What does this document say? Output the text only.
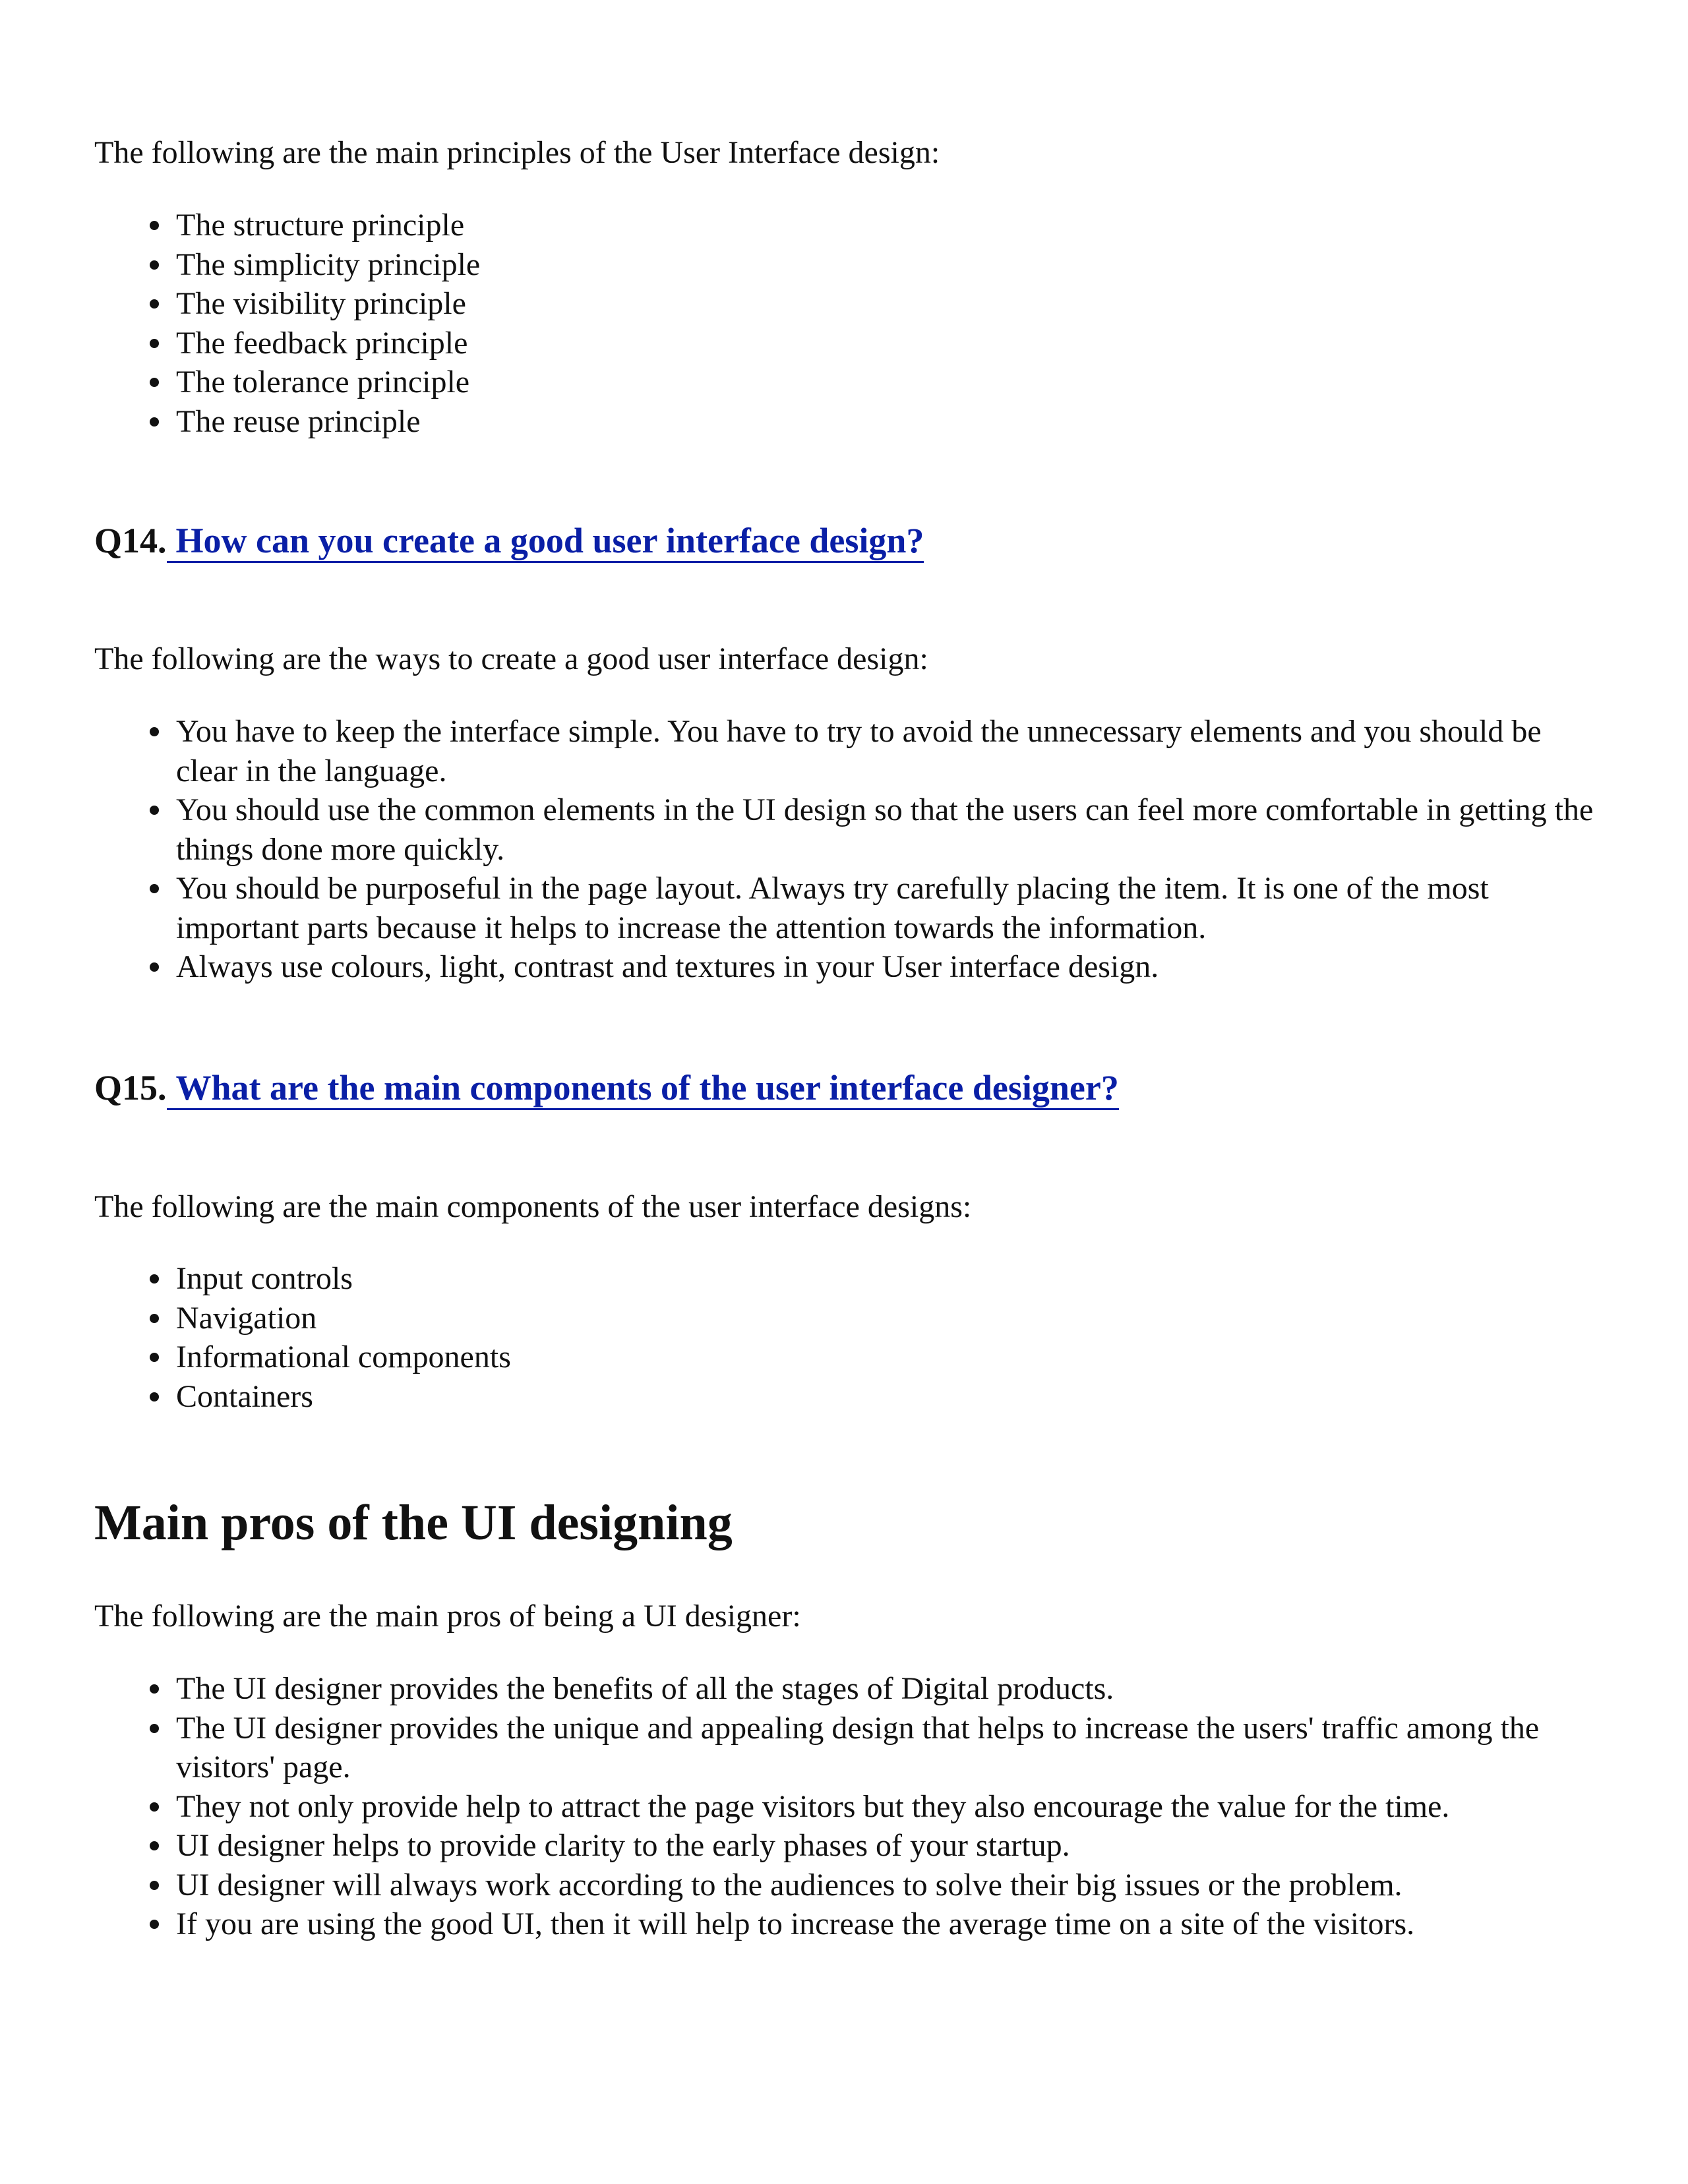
The following are the main principles of the User Interface design:

The structure principle
The simplicity principle
The visibility principle
The feedback principle
The tolerance principle
The reuse principle
Q14. How can you create a good user interface design?

The following are the ways to create a good user interface design:

You have to keep the interface simple. You have to try to avoid the unnecessary elements and you should be clear in the language.
You should use the common elements in the UI design so that the users can feel more comfortable in getting the things done more quickly.
You should be purposeful in the page layout. Always try carefully placing the item. It is one of the most important parts because it helps to increase the attention towards the information.
Always use colours, light, contrast and textures in your User interface design.
Q15. What are the main components of the user interface designer?

The following are the main components of the user interface designs:

Input controls
Navigation
Informational components
Containers
Main pros of the UI designing

The following are the main pros of being a UI designer:

The UI designer provides the benefits of all the stages of Digital products.
The UI designer provides the unique and appealing design that helps to increase the users' traffic among the visitors' page.
They not only provide help to attract the page visitors but they also encourage the value for the time.
UI designer helps to provide clarity to the early phases of your startup.
UI designer will always work according to the audiences to solve their big issues or the problem.
If you are using the good UI, then it will help to increase the average time on a site of the visitors.
